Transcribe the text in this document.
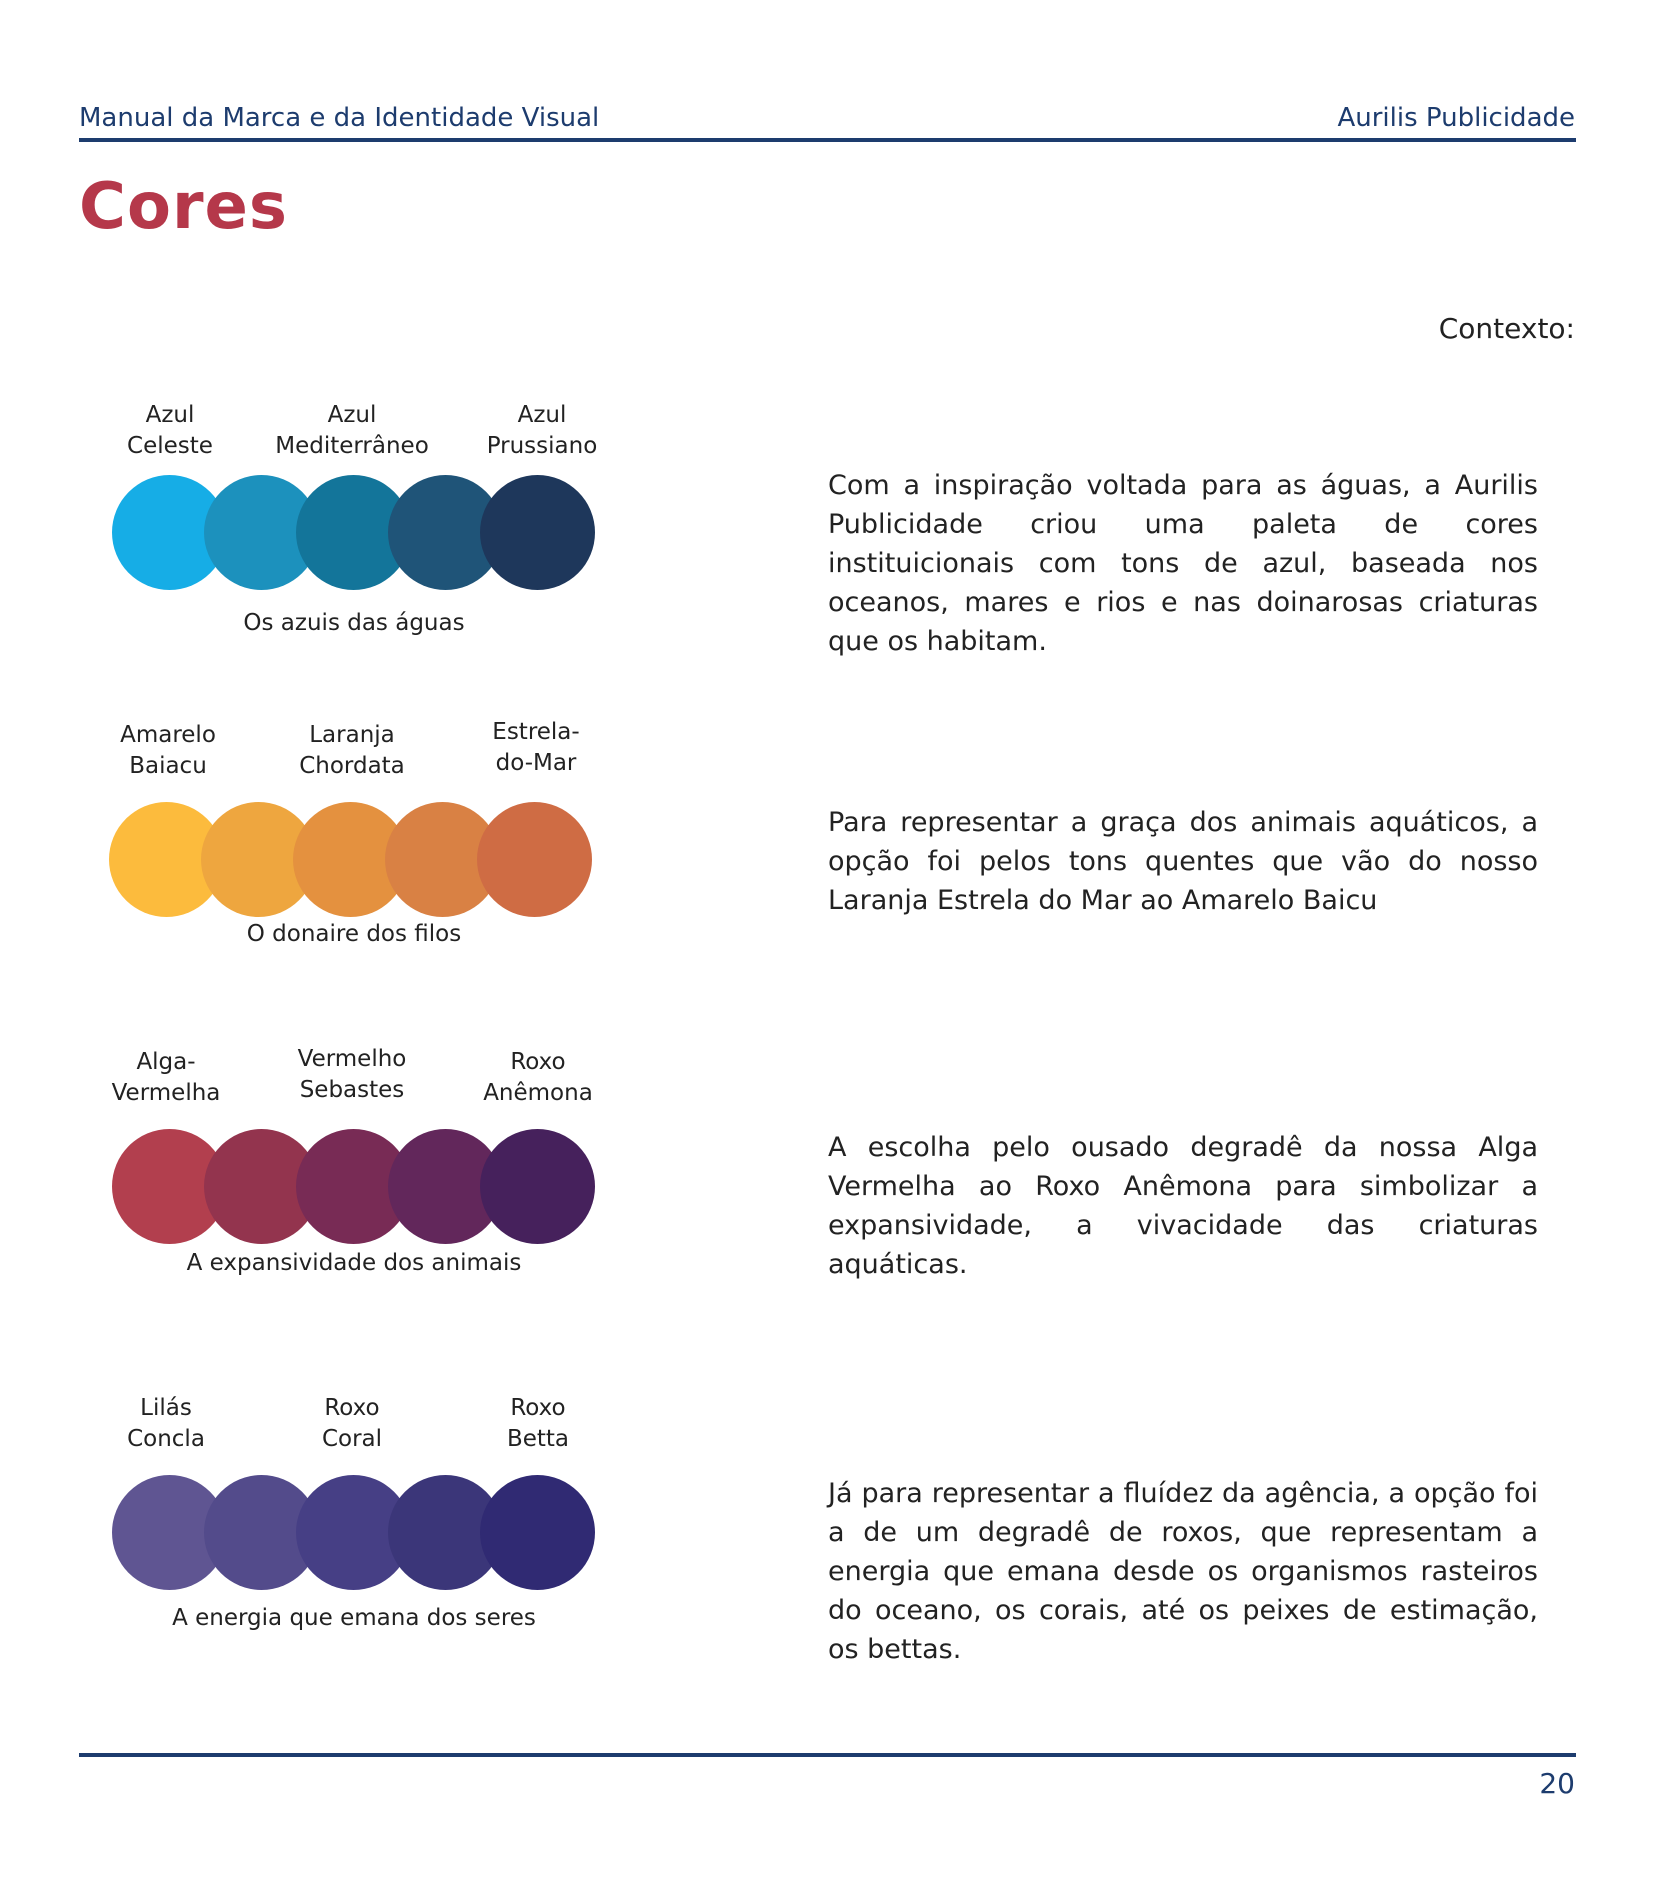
Manual da Marca e da Identidade Visual	Aurilis Publicidade
Cores
Contexto:
Azul
Celeste
Azul
Mediterrâneo
Azul
Prussiano
Os azuis das águas

Com a inspiração voltada para as águas, a Aurilis Publicidade criou uma paleta de cores instituicionais com tons de azul, baseada nos oceanos, mares e rios e nas doinarosas criaturas que os habitam.

Amarelo
Baiacu
Laranja
Chordata
Estrela-
do-Mar
O donaire dos filos

Para representar a graça dos animais aquáticos, a opção foi pelos tons quentes que vão do nosso Laranja Estrela do Mar ao Amarelo Baicu

Alga-
Vermelha
Vermelho
Sebastes
Roxo
Anêmona
A expansividade dos animais

A escolha pelo ousado degradê da nossa Alga Vermelha ao Roxo Anêmona para simbolizar a expansividade, a vivacidade das criaturas aquáticas.

Lilás
Concla
Roxo
Coral
Roxo
Betta
A energia que emana dos seres

Já para representar a fluídez da agência, a opção foi a de um degradê de roxos, que representam a energia que emana desde os organismos rasteiros do oceano, os corais, até os peixes de estimação, os bettas.

20
